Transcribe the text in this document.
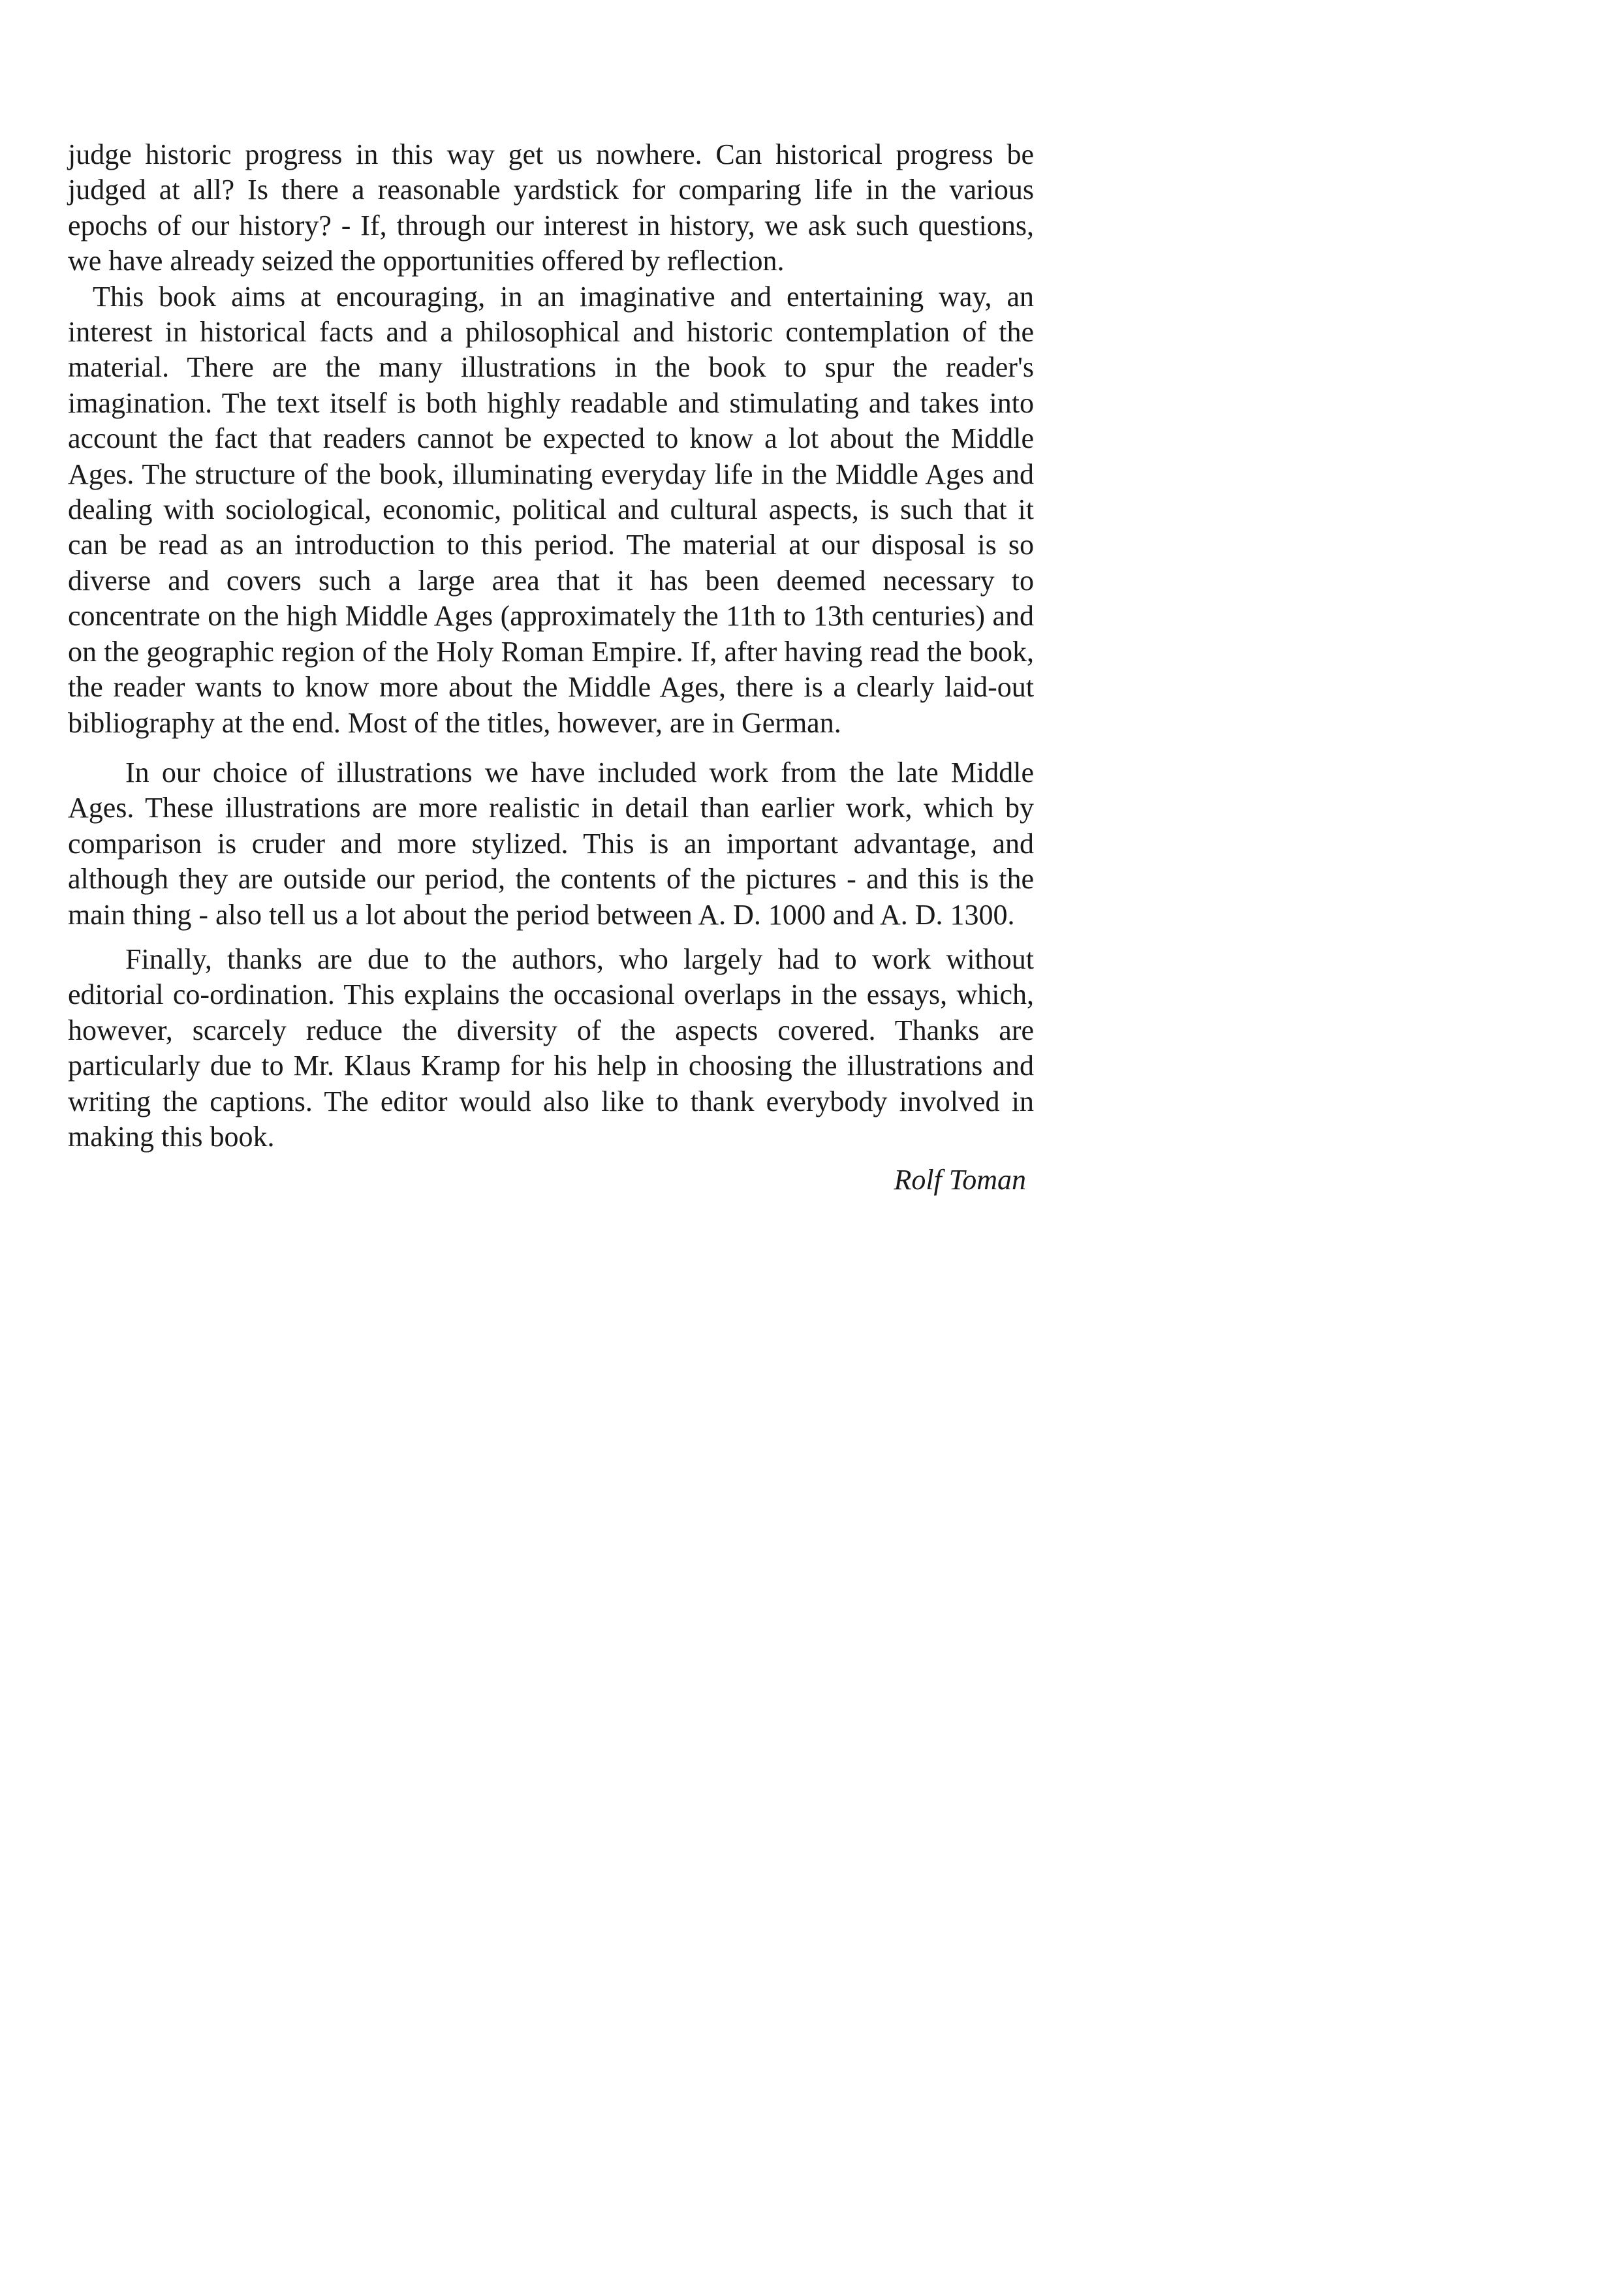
judge historic progress in this way get us nowhere. Can historical progress be judged at all? Is there a reasonable yardstick for comparing life in the various epochs of our history? - If, through our interest in history, we ask such questions, we have already seized the opportunities offered by reflection.

This book aims at encouraging, in an imaginative and entertaining way, an interest in historical facts and a philosophical and historic contemplation of the material. There are the many illustrations in the book to spur the reader's imagination. The text itself is both highly readable and stimulating and takes into account the fact that readers cannot be expected to know a lot about the Middle Ages. The structure of the book, illuminating everyday life in the Middle Ages and dealing with sociological, economic, political and cultural aspects, is such that it can be read as an introduction to this period. The material at our disposal is so diverse and covers such a large area that it has been deemed necessary to concentrate on the high Middle Ages (approximately the 11th to 13th centuries) and on the geographic region of the Holy Roman Empire. If, after having read the book, the reader wants to know more about the Middle Ages, there is a clearly laid-out bibliography at the end. Most of the titles, however, are in German.

In our choice of illustrations we have included work from the late Middle Ages. These illustrations are more realistic in detail than earlier work, which by comparison is cruder and more stylized. This is an important advantage, and although they are outside our period, the contents of the pictures - and this is the main thing - also tell us a lot about the period between A. D. 1000 and A. D. 1300.

Finally, thanks are due to the authors, who largely had to work without editorial co-ordination. This explains the occasional overlaps in the essays, which, however, scarcely reduce the diversity of the aspects covered. Thanks are particularly due to Mr. Klaus Kramp for his help in choosing the illustrations and writing the captions. The editor would also like to thank everybody involved in making this book.

Rolf Toman
